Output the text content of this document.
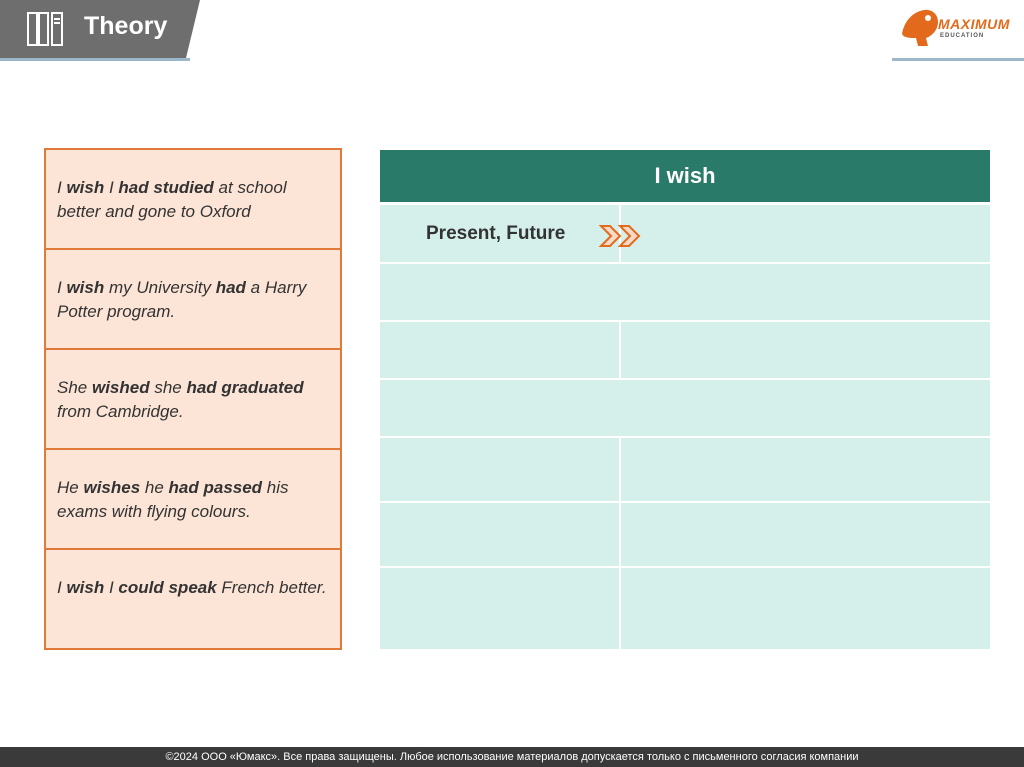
Theory	MAXIMUM
EDUCATION
I wish I had studied at school better and gone to Oxford
I wish my University had a Harry Potter program.
She wished she had graduated from Cambridge.
He wishes he had passed his exams with flying colours.
I wish I could speak French better.
I wish
Present, Future
©2024 ООО «Юмакс». Все права защищены. Любое использование материалов допускается только с письменного согласия компании
